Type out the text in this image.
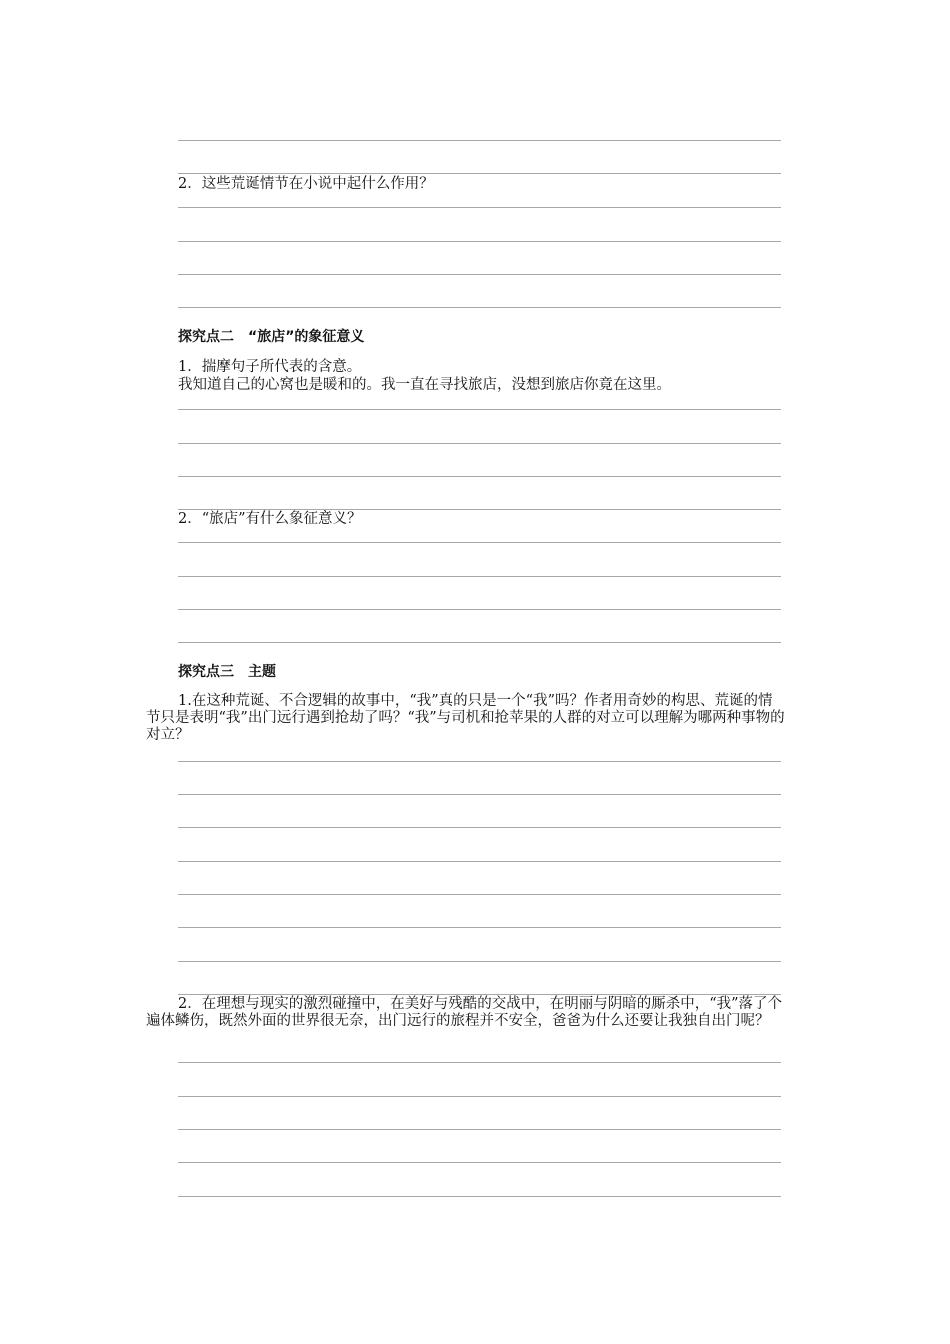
2．这些荒诞情节在小说中起什么作用？
探究点二　“旅店”的象征意义
1．揣摩句子所代表的含意。
我知道自己的心窝也是暖和的。我一直在寻找旅店，没想到旅店你竟在这里。
2．“旅店”有什么象征意义？
探究点三　主题
1.在这种荒诞、不合逻辑的故事中，“我”真的只是一个“我”吗？作者用奇妙的构思、荒诞的情节只是表明“我”出门远行遇到抢劫了吗？“我”与司机和抢苹果的人群的对立可以理解为哪两种事物的对立？
2．在理想与现实的激烈碰撞中，在美好与残酷的交战中，在明丽与阴暗的厮杀中，“我”落了个遍体鳞伤，既然外面的世界很无奈，出门远行的旅程并不安全，爸爸为什么还要让我独自出门呢？
